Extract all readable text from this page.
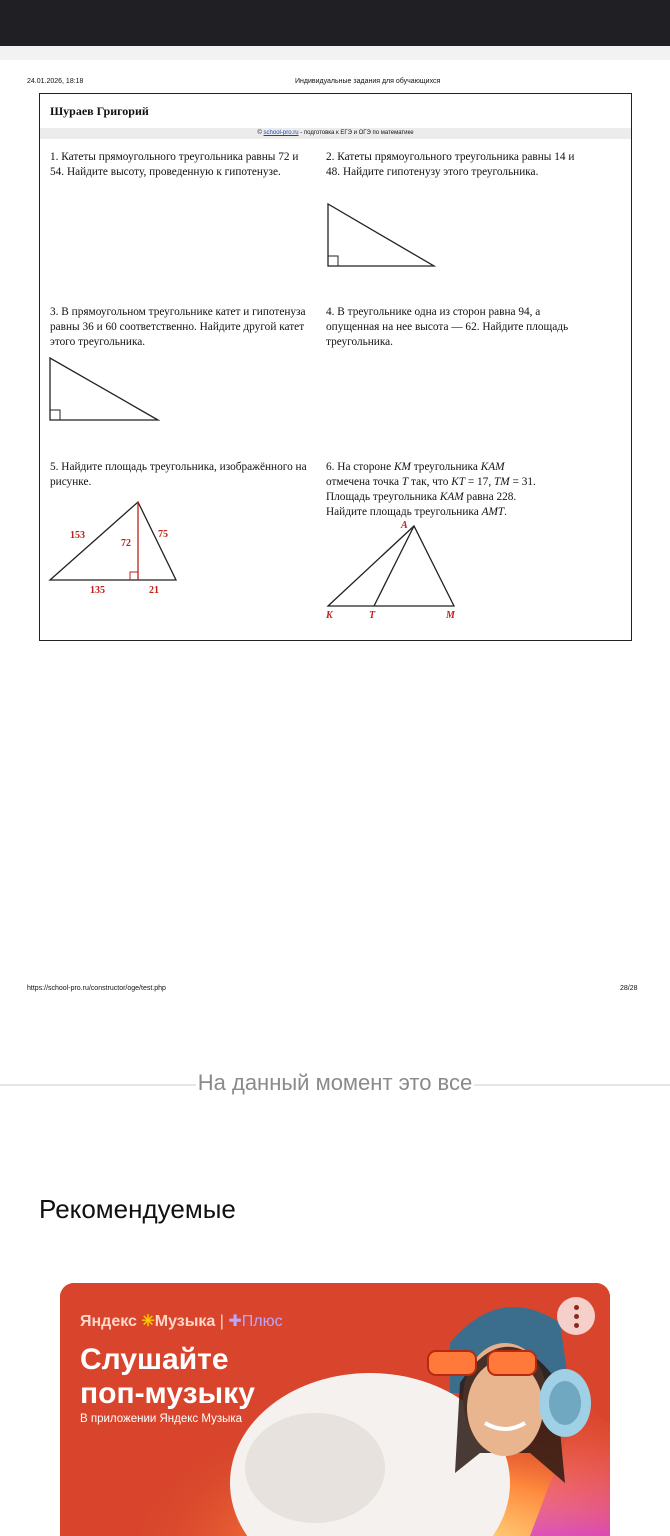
24.01.2026, 18:18	Индивидуальные задания для обучающихся
Шураев Григорий
© school-pro.ru - подготовка к ЕГЭ и ОГЭ по математике
1. Катеты прямоугольного треугольника равны 72 и 54. Найдите высоту, проведенную к гипотенузе.
2. Катеты прямоугольного треугольника равны 14 и 48. Найдите гипотенузу этого треугольника.
3. В прямоугольном треугольнике катет и гипотенуза равны 36 и 60 соответственно. Найдите другой катет этого треугольника.
4. В треугольнике одна из сторон равна 94, а опущенная на нее высота — 62. Найдите площадь треугольника.
5. Найдите площадь треугольника, изображённого на рисунке.
153
72
75
135	21
6. На стороне KM треугольника KAM
отмечена точка T так, что KT = 17, TM = 31.
Площадь треугольника KAM равна 228.
Найдите площадь треугольника AMT.
A
K	T	M
https://school-pro.ru/constructor/oge/test.php	28/28
На данный момент это все
Рекомендуемые
Яндекс ✳Музыка | ✚Плюс
Слушайте
поп-музыку
В приложении Яндекс Музыка
